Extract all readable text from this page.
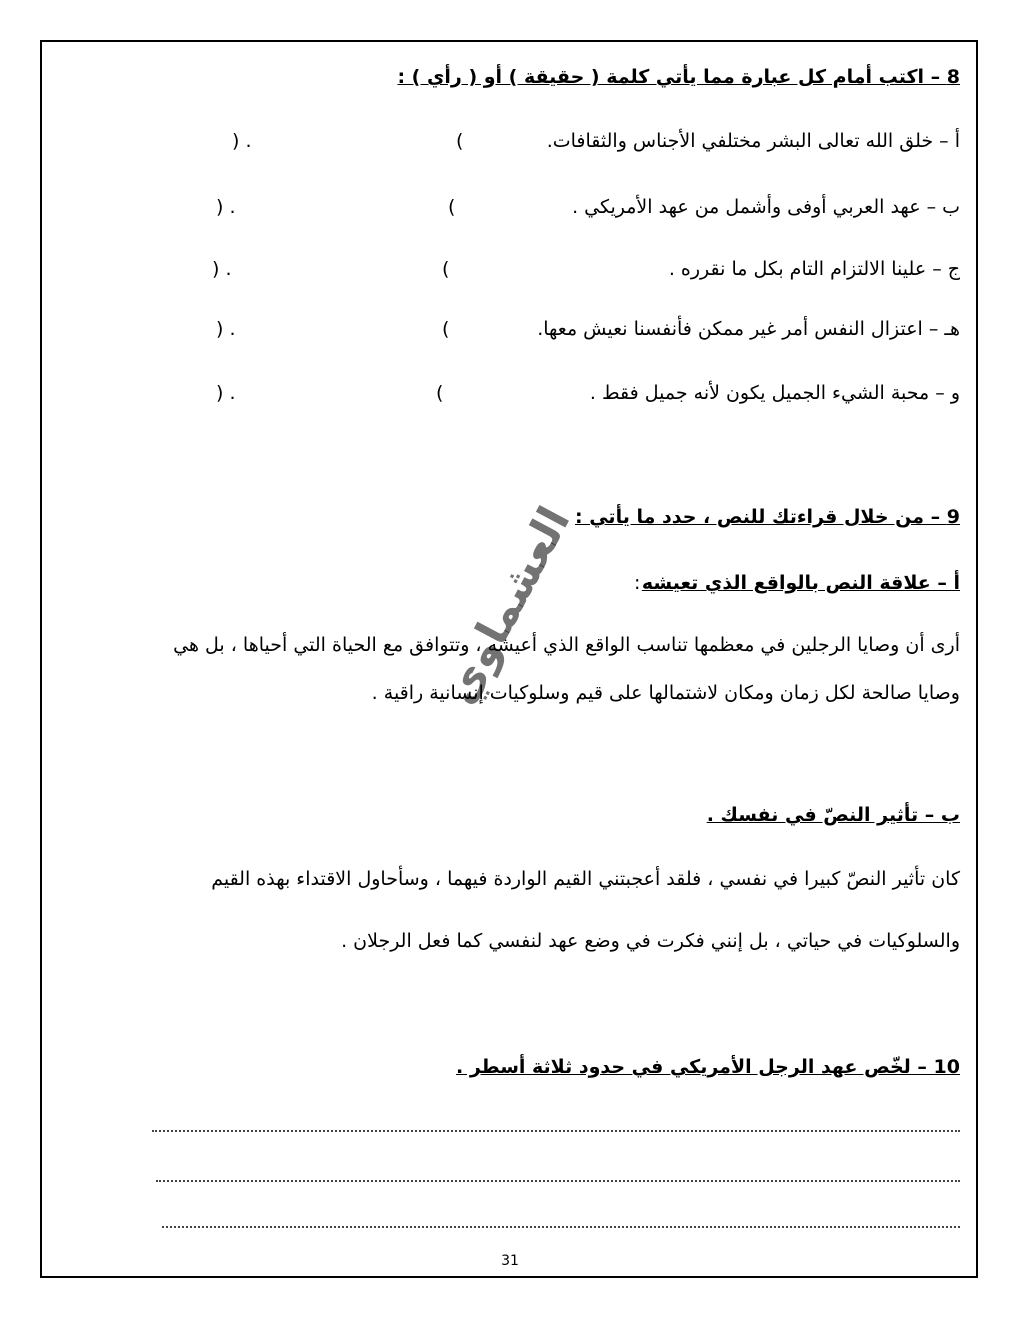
8 – اكتب أمام كل عبارة مما يأتي كلمة ( حقيقة ) أو ( رأي ) :
أ – خلق الله تعالى البشر مختلفي الأجناس والثقافات.
(
) .
ب – عهد العربي أوفى وأشمل من عهد الأمريكي .
(
) .
ج – علينا الالتزام التام بكل ما نقرره .
(
) .
هـ – اعتزال النفس أمر غير ممكن فأنفسنا نعيش معها.
(
) .
و – محبة الشيء الجميل يكون لأنه جميل فقط .
(
) .
9 – من خلال قراءتك للنص ، حدد ما يأتي :
أ – علاقة النص بالواقع الذي تعيشه
:
أرى أن وصايا الرجلين في معظمها تناسب الواقع الذي أعيشه ، وتتوافق مع الحياة التي أحياها ، بل هي
وصايا صالحة لكل زمان ومكان لاشتمالها على قيم وسلوكيات إنسانية راقية .
ب – تأثير النصّ في نفسك .
كان تأثير النصّ كبيرا في نفسي ، فلقد أعجبتني القيم الواردة فيهما ، وسأحاول الاقتداء بهذه القيم
والسلوكيات في حياتي ، بل إنني فكرت في وضع عهد لنفسي كما فعل الرجلان .
10 – لخّص عهد الرجل الأمريكي في حدود ثلاثة أسطر .
العشماوي
31
